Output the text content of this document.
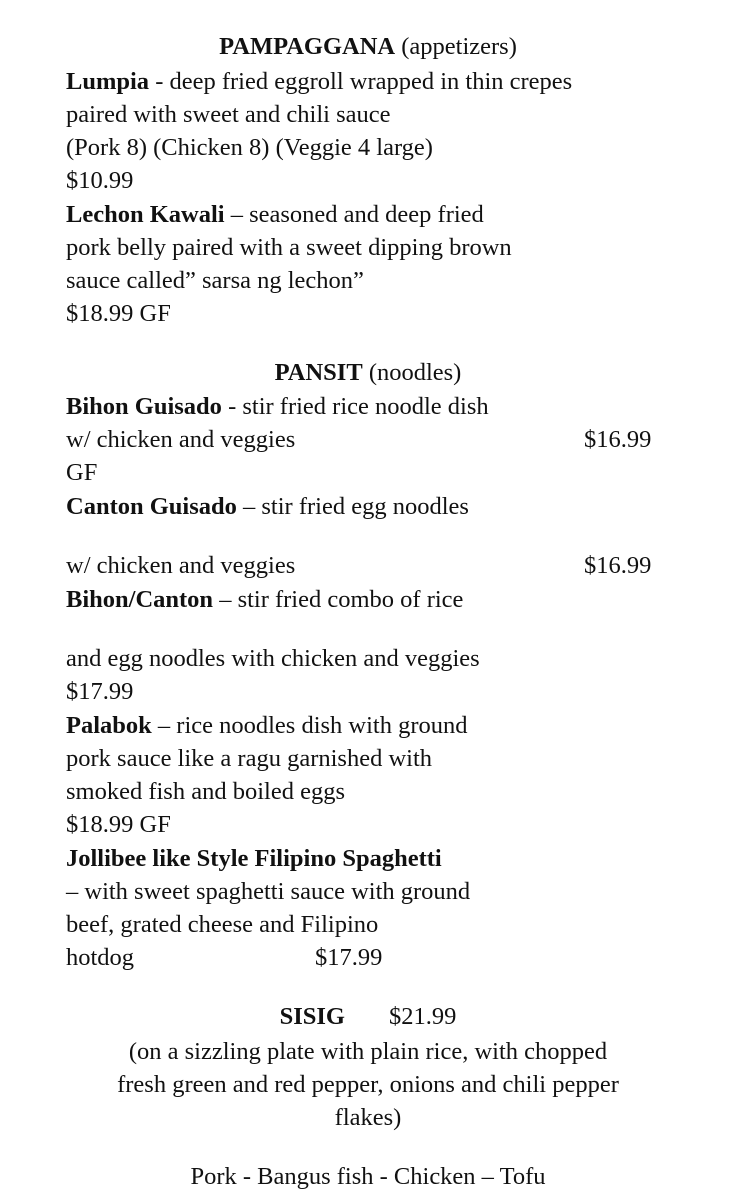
PAMPAGGANA (appetizers)
Lumpia - deep fried eggroll wrapped in thin crepes
paired with sweet and chili sauce
(Pork 8) (Chicken 8) (Veggie 4 large)
$10.99
Lechon Kawali – seasoned and deep fried
pork belly paired with a sweet dipping brown
sauce called” sarsa ng lechon”
$18.99 GF
PANSIT (noodles)
Bihon Guisado - stir fried rice noodle dish
w/ chicken and veggies	$16.99
GF
Canton Guisado – stir fried egg noodles
w/ chicken and veggies	$16.99
Bihon/Canton – stir fried combo of rice
and egg noodles with chicken and veggies
$17.99
Palabok – rice noodles dish with ground
pork sauce like a ragu garnished with
smoked fish and boiled eggs
$18.99 GF
Jollibee like Style Filipino Spaghetti
– with sweet spaghetti sauce with ground
beef, grated cheese and Filipino
hotdog	$17.99
SISIG $21.99
(on a sizzling plate with plain rice, with chopped
fresh green and red pepper, onions and chili pepper
flakes)
Pork - Bangus fish - Chicken – Tofu
